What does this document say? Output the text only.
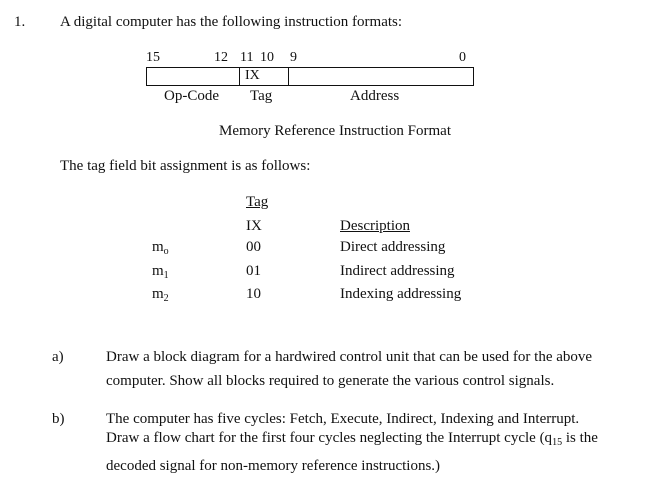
1. A digital computer has the following instruction formats:
15	12 11 10 9	0
IX
Op-Code Tag	Address
Memory Reference Instruction Format
The tag field bit assignment is as follows:
Tag
IX	Description
$m_o$	00	Direct addressing
$m_1$	01	Indirect addressing
$m_2$	10	Indexing addressing
a)	Draw a block diagram for a hardwired control unit that can be used for the above
computer. Show all blocks required to generate the various control signals.
b)	The computer has five cycles: Fetch, Execute, Indirect, Indexing and Interrupt.
Draw a flow chart for the first four cycles neglecting the Interrupt cycle ($q_{15}$ is the
decoded signal for non-memory reference instructions.)
